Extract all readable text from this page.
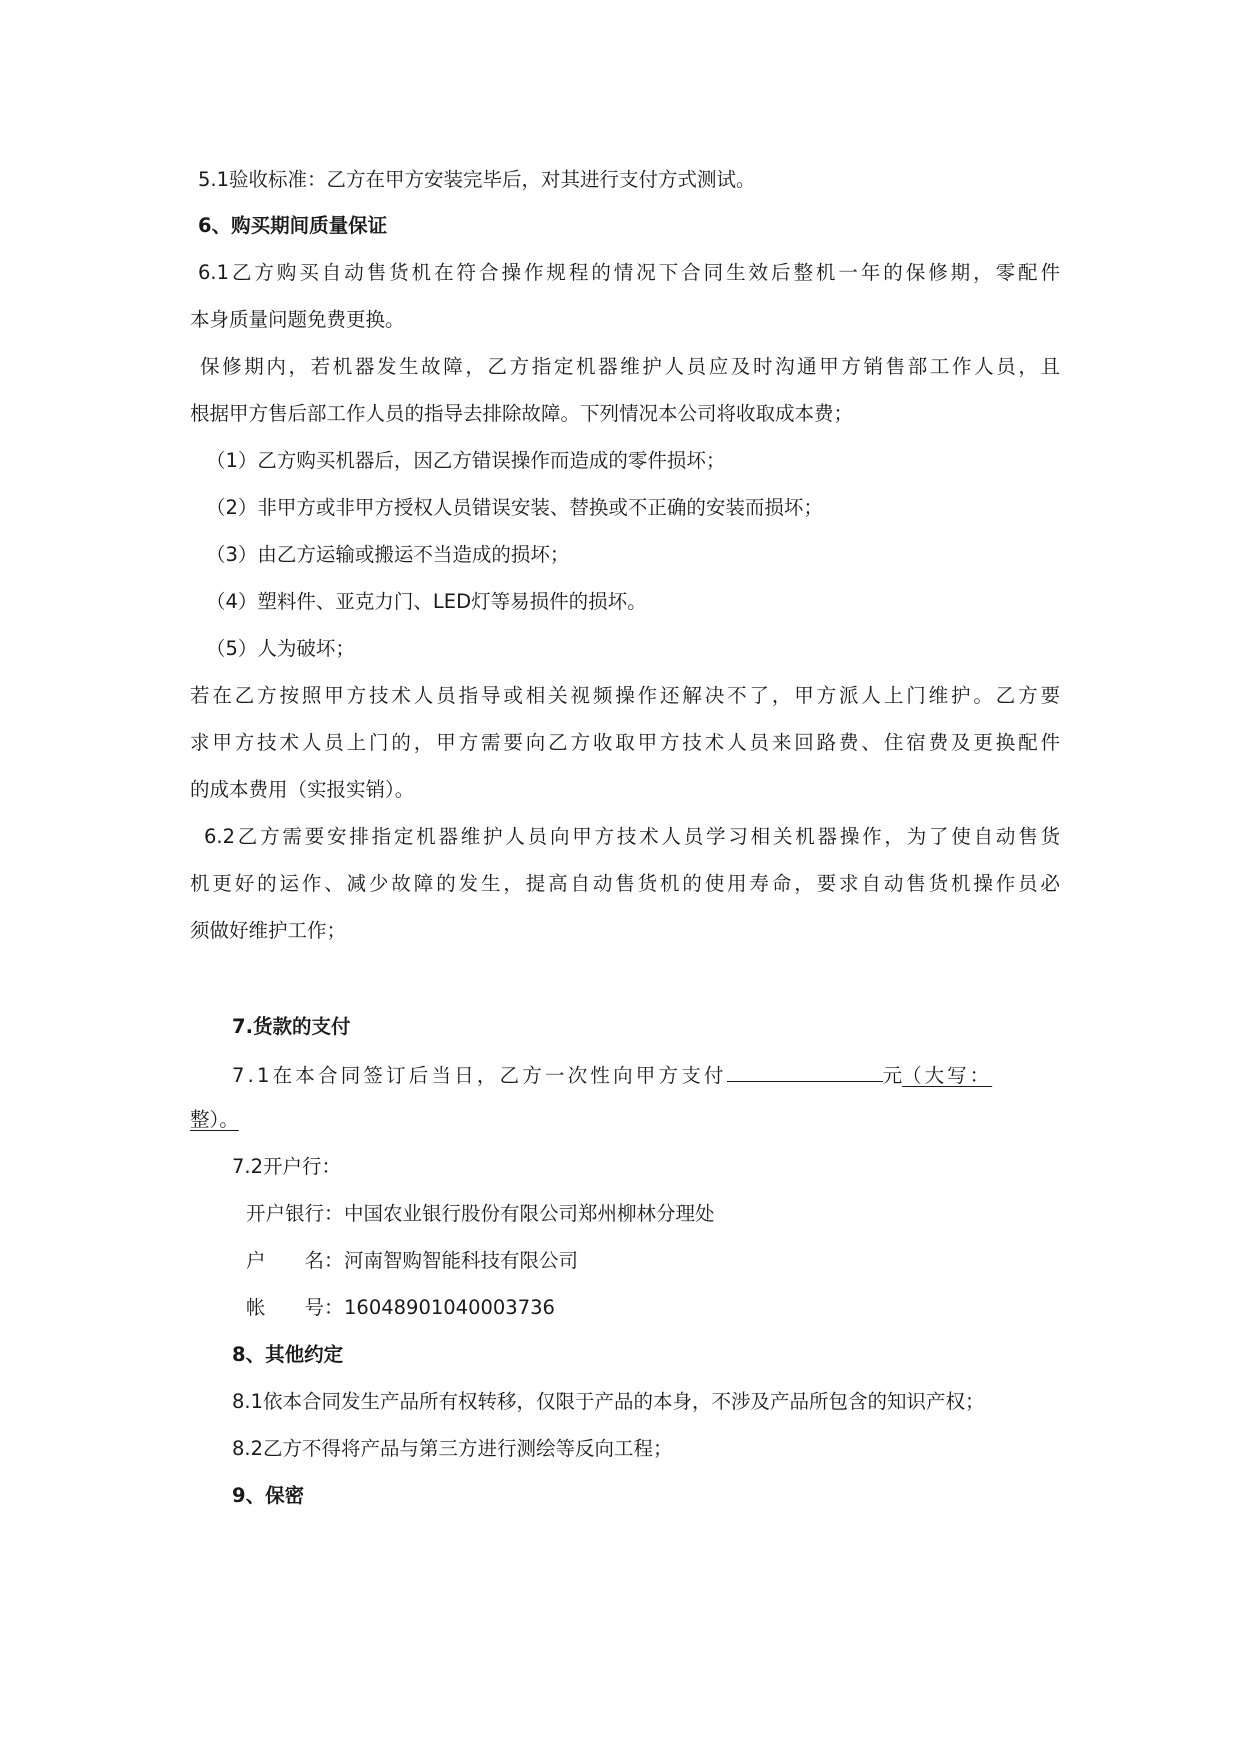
5.1验收标准：乙方在甲方安装完毕后，对其进行支付方式测试。
6、购买期间质量保证
6.1乙方购买自动售货机在符合操作规程的情况下合同生效后整机一年的保修期，零配件
本身质量问题免费更换。
保修期内，若机器发生故障，乙方指定机器维护人员应及时沟通甲方销售部工作人员，且
根据甲方售后部工作人员的指导去排除故障。下列情况本公司将收取成本费；
（1）乙方购买机器后，因乙方错误操作而造成的零件损坏；
（2）非甲方或非甲方授权人员错误安装、替换或不正确的安装而损坏；
（3）由乙方运输或搬运不当造成的损坏；
（4）塑料件、亚克力门、LED灯等易损件的损坏。
（5）人为破坏；
若在乙方按照甲方技术人员指导或相关视频操作还解决不了，甲方派人上门维护。乙方要
求甲方技术人员上门的，甲方需要向乙方收取甲方技术人员来回路费、住宿费及更换配件
的成本费用（实报实销）。
6.2乙方需要安排指定机器维护人员向甲方技术人员学习相关机器操作，为了使自动售货
机更好的运作、减少故障的发生，提高自动售货机的使用寿命，要求自动售货机操作员必
须做好维护工作；
7.货款的支付
7.1在本合同签订后当日，乙方一次性向甲方支付	元（大写：
整）。
7.2开户行：
开户银行：中国农业银行股份有限公司郑州柳林分理处
户　　名：河南智购智能科技有限公司
帐　　号：16048901040003736
8、其他约定
8.1依本合同发生产品所有权转移，仅限于产品的本身，不涉及产品所包含的知识产权；
8.2乙方不得将产品与第三方进行测绘等反向工程；
9、保密
